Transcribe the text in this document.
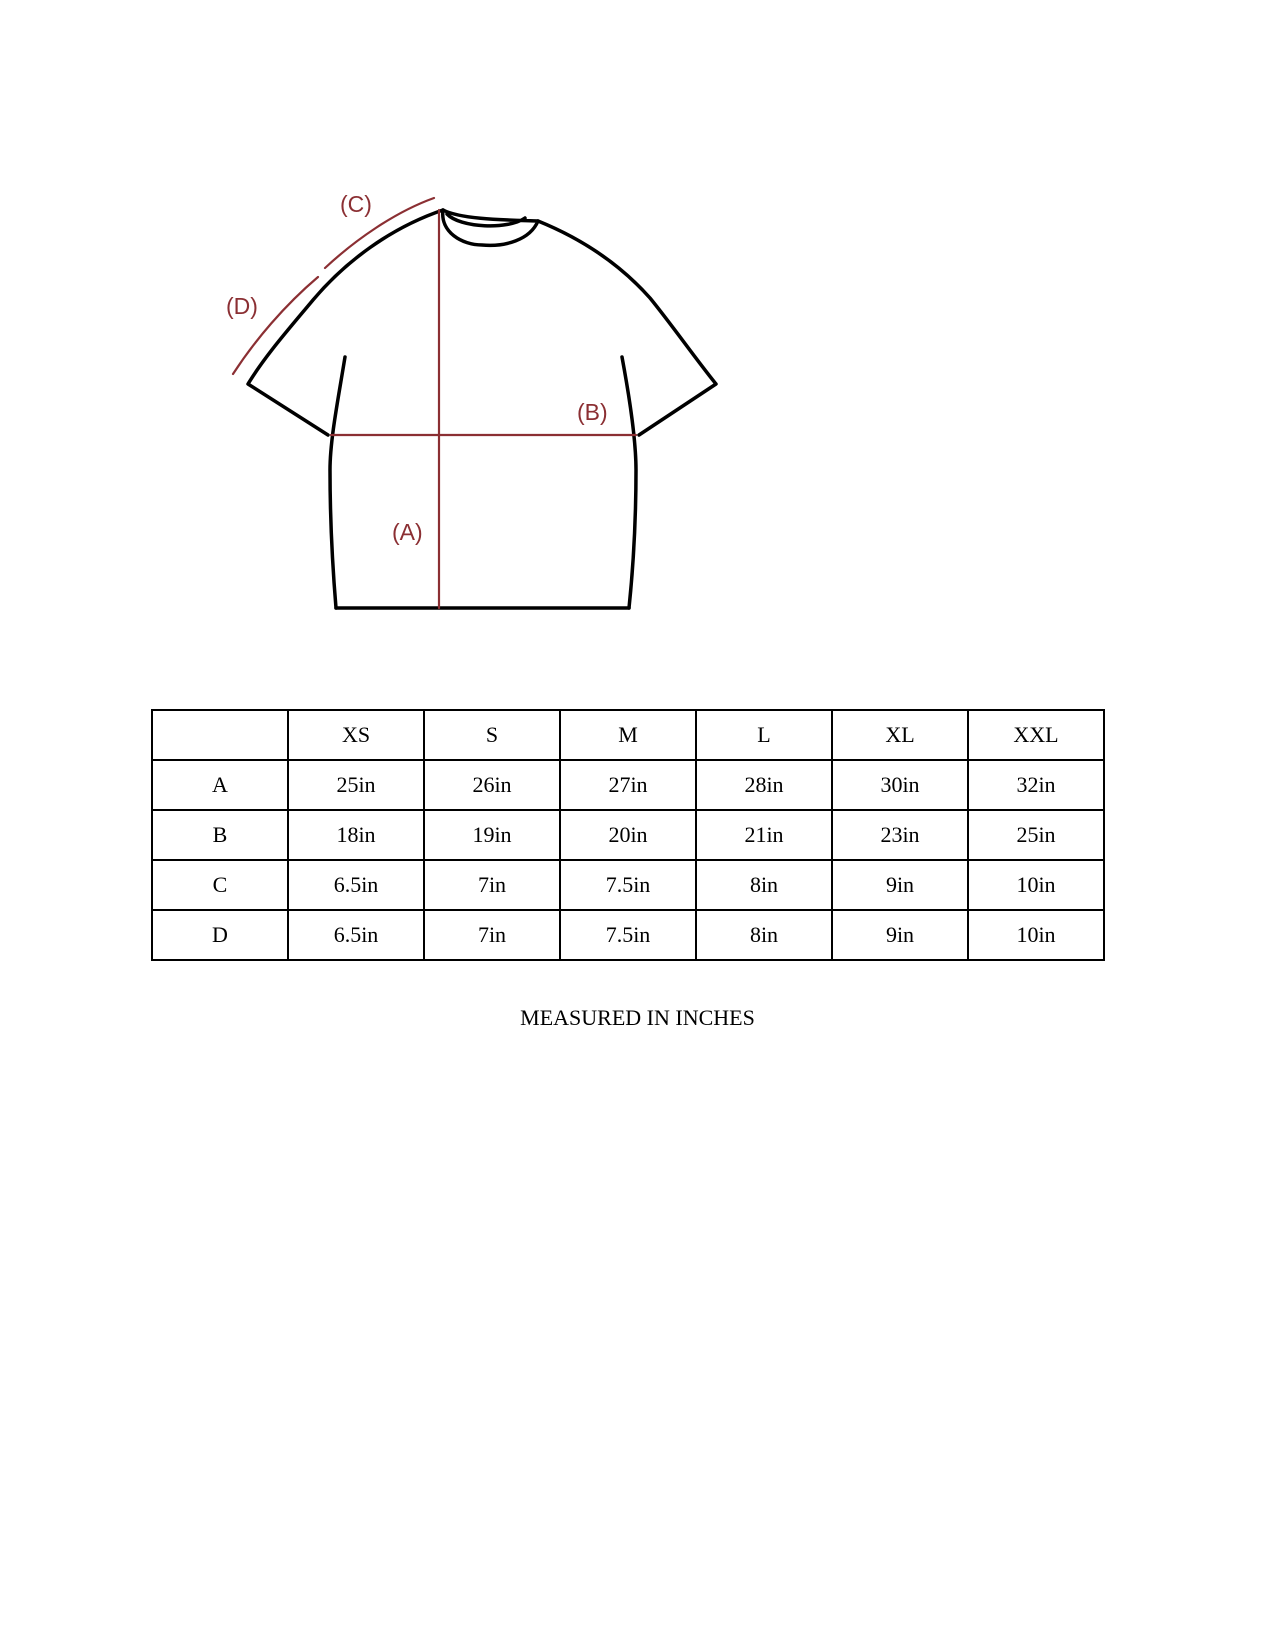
(A)
(B)
(C)
(D)
	XS	S	M	L	XL	XXL
A	25in	26in	27in	28in	30in	32in
B	18in	19in	20in	21in	23in	25in
C	6.5in	7in	7.5in	8in	9in	10in
D	6.5in	7in	7.5in	8in	9in	10in
MEASURED IN INCHES
